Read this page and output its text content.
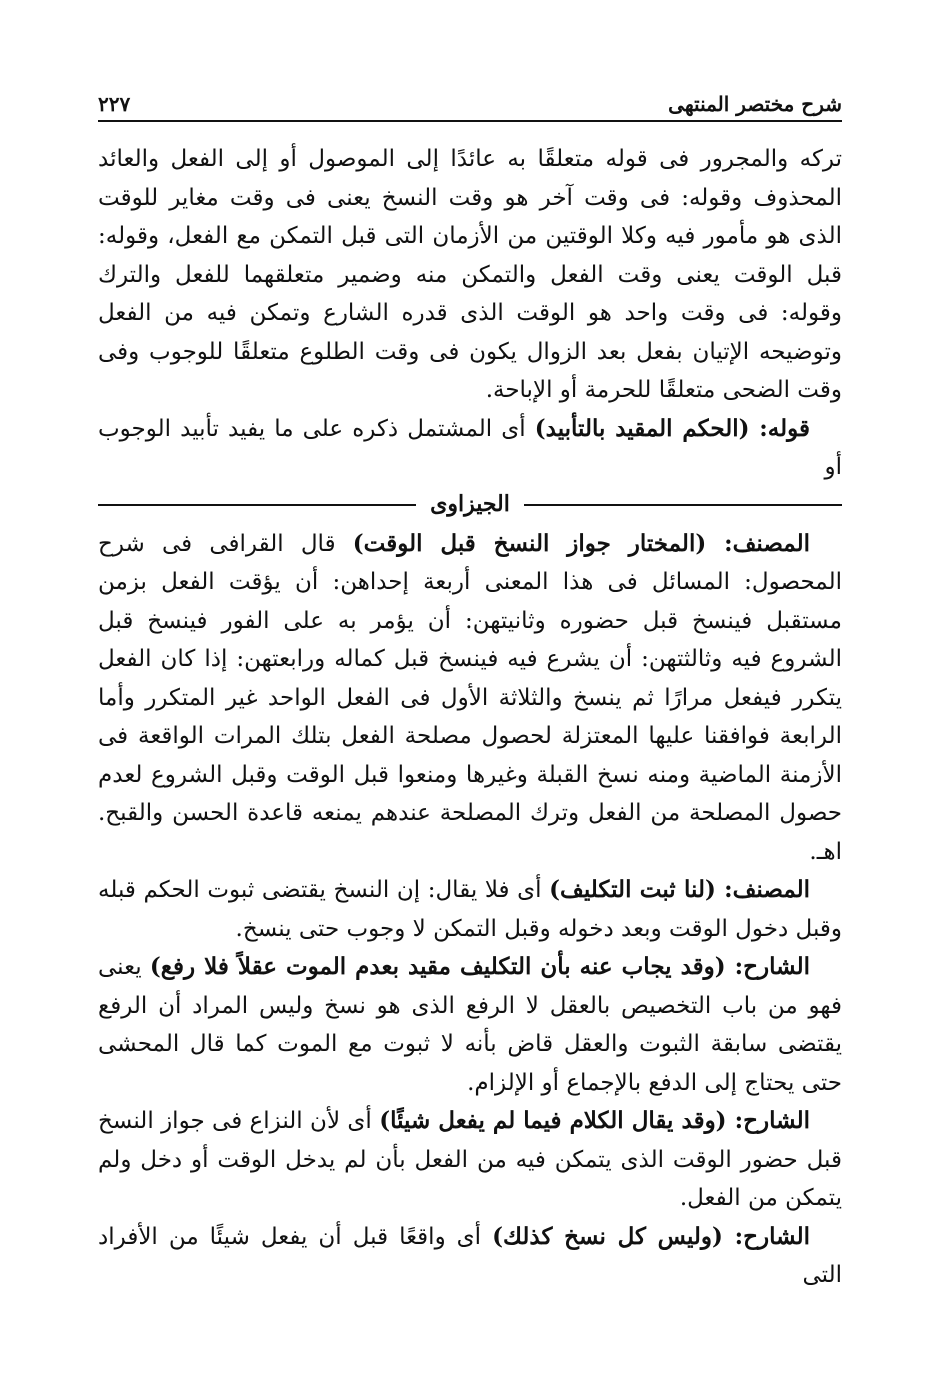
شرح مختصر المنتهى
٢٢٧

تركه والمجرور فى قوله متعلقًا به عائدًا إلى الموصول أو إلى الفعل والعائد المحذوف وقوله: فى وقت آخر هو وقت النسخ يعنى فى وقت مغاير للوقت الذى هو مأمور فيه وكلا الوقتين من الأزمان التى قبل التمكن مع الفعل، وقوله: قبل الوقت يعنى وقت الفعل والتمكن منه وضمير متعلقهما للفعل والترك وقوله: فى وقت واحد هو الوقت الذى قدره الشارع وتمكن فيه من الفعل وتوضيحه الإتيان بفعل بعد الزوال يكون فى وقت الطلوع متعلقًا للوجوب وفى وقت الضحى متعلقًا للحرمة أو الإباحة.

قوله: (الحكم المقيد بالتأبيد) أى المشتمل ذكره على ما يفيد تأبيد الوجوب أو

الجيزاوى

المصنف: (المختار جواز النسخ قبل الوقت) قال القرافى فى شرح المحصول: المسائل فى هذا المعنى أربعة إحداهن: أن يؤقت الفعل بزمن مستقبل فينسخ قبل حضوره وثانيتهن: أن يؤمر به على الفور فينسخ قبل الشروع فيه وثالثتهن: أن يشرع فيه فينسخ قبل كماله ورابعتهن: إذا كان الفعل يتكرر فيفعل مرارًا ثم ينسخ والثلاثة الأول فى الفعل الواحد غير المتكرر وأما الرابعة فوافقنا عليها المعتزلة لحصول مصلحة الفعل بتلك المرات الواقعة فى الأزمنة الماضية ومنه نسخ القبلة وغيرها ومنعوا قبل الوقت وقبل الشروع لعدم حصول المصلحة من الفعل وترك المصلحة عندهم يمنعه قاعدة الحسن والقبح. اهـ.

المصنف: (لنا ثبت التكليف) أى فلا يقال: إن النسخ يقتضى ثبوت الحكم قبله وقبل دخول الوقت وبعد دخوله وقبل التمكن لا وجوب حتى ينسخ.

الشارح: (وقد يجاب عنه بأن التكليف مقيد بعدم الموت عقلاً فلا رفع) يعنى فهو من باب التخصيص بالعقل لا الرفع الذى هو نسخ وليس المراد أن الرفع يقتضى سابقة الثبوت والعقل قاض بأنه لا ثبوت مع الموت كما قال المحشى حتى يحتاج إلى الدفع بالإجماع أو الإلزام.

الشارح: (وقد يقال الكلام فيما لم يفعل شيئًا) أى لأن النزاع فى جواز النسخ قبل حضور الوقت الذى يتمكن فيه من الفعل بأن لم يدخل الوقت أو دخل ولم يتمكن من الفعل.

الشارح: (وليس كل نسخ كذلك) أى واقعًا قبل أن يفعل شيئًا من الأفراد التى
